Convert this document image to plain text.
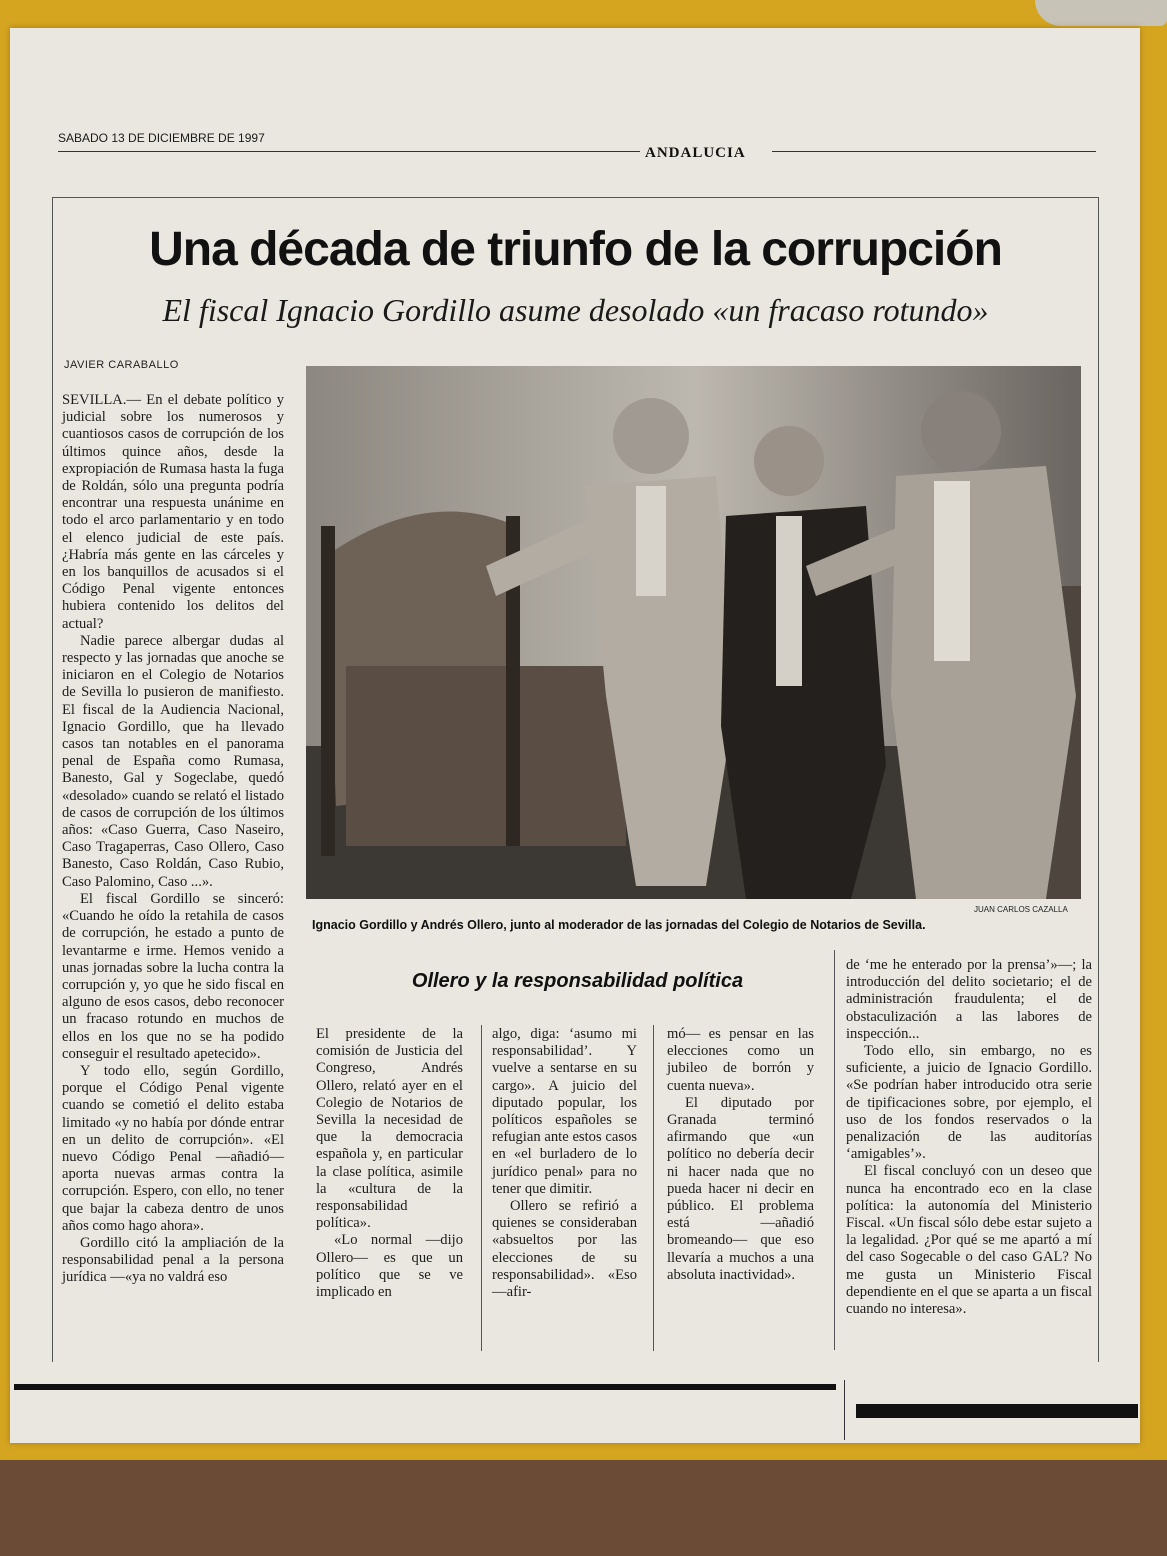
SABADO 13 DE DICIEMBRE DE 1997
ANDALUCIA
Una década de triunfo de la corrupción
El fiscal Ignacio Gordillo asume desolado «un fracaso rotundo»
JAVIER CARABALLO

SEVILLA.— En el debate político y judicial sobre los numerosos y cuantiosos casos de corrupción de los últimos quince años, desde la expropiación de Rumasa hasta la fuga de Roldán, sólo una pregunta podría encontrar una respuesta unánime en todo el arco parlamentario y en todo el elenco judicial de este país. ¿Habría más gente en las cárceles y en los banquillos de acusados si el Código Penal vigente entonces hubiera contenido los delitos del actual?

Nadie parece albergar dudas al respecto y las jornadas que anoche se iniciaron en el Colegio de Notarios de Sevilla lo pusieron de manifiesto. El fiscal de la Audiencia Nacional, Ignacio Gordillo, que ha llevado casos tan notables en el panorama penal de España como Rumasa, Banesto, Gal y Sogeclabe, quedó «desolado» cuando se relató el listado de casos de corrupción de los últimos años: «Caso Guerra, Caso Naseiro, Caso Tragaperras, Caso Ollero, Caso Banesto, Caso Roldán, Caso Rubio, Caso Palomino, Caso ...».

El fiscal Gordillo se sinceró: «Cuando he oído la retahila de casos de corrupción, he estado a punto de levantarme e irme. Hemos venido a unas jornadas sobre la lucha contra la corrupción y, yo que he sido fiscal en alguno de esos casos, debo reconocer un fracaso rotundo en muchos de ellos en los que no se ha podido conseguir el resultado apetecido».

Y todo ello, según Gordillo, porque el Código Penal vigente cuando se cometió el delito estaba limitado «y no había por dónde entrar en un delito de corrupción». «El nuevo Código Penal —añadió— aporta nuevas armas contra la corrupción. Espero, con ello, no tener que bajar la cabeza dentro de unos años como hago ahora».

Gordillo citó la ampliación de la responsabilidad penal a la persona jurídica —«ya no valdrá eso

JUAN CARLOS CAZALLA
Ignacio Gordillo y Andrés Ollero, junto al moderador de las jornadas del Colegio de Notarios de Sevilla.
Ollero y la responsabilidad política

El presidente de la comisión de Justicia del Congreso, Andrés Ollero, relató ayer en el Colegio de Notarios de Sevilla la necesidad de que la democracia española y, en particular la clase política, asimile la «cultura de la responsabilidad política».

«Lo normal —dijo Ollero— es que un político que se ve implicado en

algo, diga: ‘asumo mi responsabilidad’. Y vuelve a sentarse en su cargo». A juicio del diputado popular, los políticos españoles se refugian ante estos casos en «el burladero de lo jurídico penal» para no tener que dimitir.

Ollero se refirió a quienes se consideraban «absueltos por las elecciones de su responsabilidad». «Eso —afir-

mó— es pensar en las elecciones como un jubileo de borrón y cuenta nueva».

El diputado por Granada terminó afirmando que «un político no debería decir ni hacer nada que no pueda hacer ni decir en público. El problema está —añadió bromeando— que eso llevaría a muchos a una absoluta inactividad».

de ‘me he enterado por la prensa’»—; la introducción del delito societario; el de administración fraudulenta; el de obstaculización a las labores de inspección...

Todo ello, sin embargo, no es suficiente, a juicio de Ignacio Gordillo. «Se podrían haber introducido otra serie de tipificaciones sobre, por ejemplo, el uso de los fondos reservados o la penalización de las auditorías ‘amigables’».

El fiscal concluyó con un deseo que nunca ha encontrado eco en la clase política: la autonomía del Ministerio Fiscal. «Un fiscal sólo debe estar sujeto a la legalidad. ¿Por qué se me apartó a mí del caso Sogecable o del caso GAL? No me gusta un Ministerio Fiscal dependiente en el que se aparta a un fiscal cuando no interesa».
